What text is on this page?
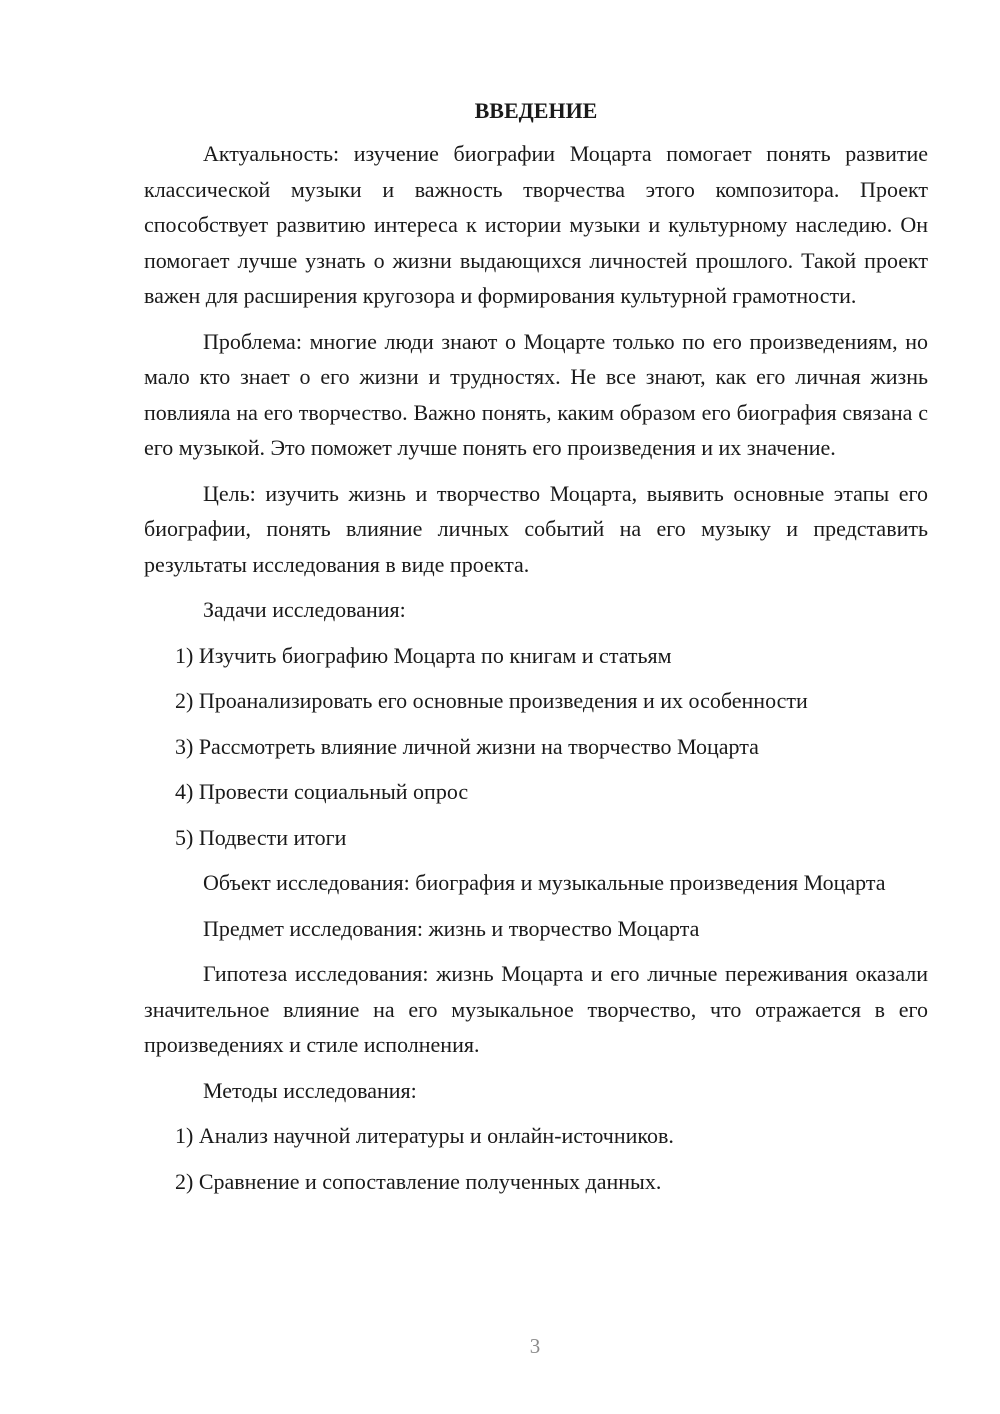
ВВЕДЕНИЕ

Актуальность: изучение биографии Моцарта помогает понять развитие классической музыки и важность творчества этого композитора. Проект способствует развитию интереса к истории музыки и культурному наследию. Он помогает лучше узнать о жизни выдающихся личностей прошлого. Такой проект важен для расширения кругозора и формирования культурной грамотности.

Проблема: многие люди знают о Моцарте только по его произведениям, но мало кто знает о его жизни и трудностях. Не все знают, как его личная жизнь повлияла на его творчество. Важно понять, каким образом его биография связана с его музыкой. Это поможет лучше понять его произведения и их значение.

Цель: изучить жизнь и творчество Моцарта, выявить основные этапы его биографии, понять влияние личных событий на его музыку и представить результаты исследования в виде проекта.

Задачи исследования:

1) Изучить биографию Моцарта по книгам и статьям

2) Проанализировать его основные произведения и их особенности

3) Рассмотреть влияние личной жизни на творчество Моцарта

4) Провести социальный опрос

5) Подвести итоги

Объект исследования: биография и музыкальные произведения Моцарта

Предмет исследования: жизнь и творчество Моцарта

Гипотеза исследования: жизнь Моцарта и его личные переживания оказали значительное влияние на его музыкальное творчество, что отражается в его произведениях и стиле исполнения.

Методы исследования:

1) Анализ научной литературы и онлайн-источников.

2) Сравнение и сопоставление полученных данных.

3
